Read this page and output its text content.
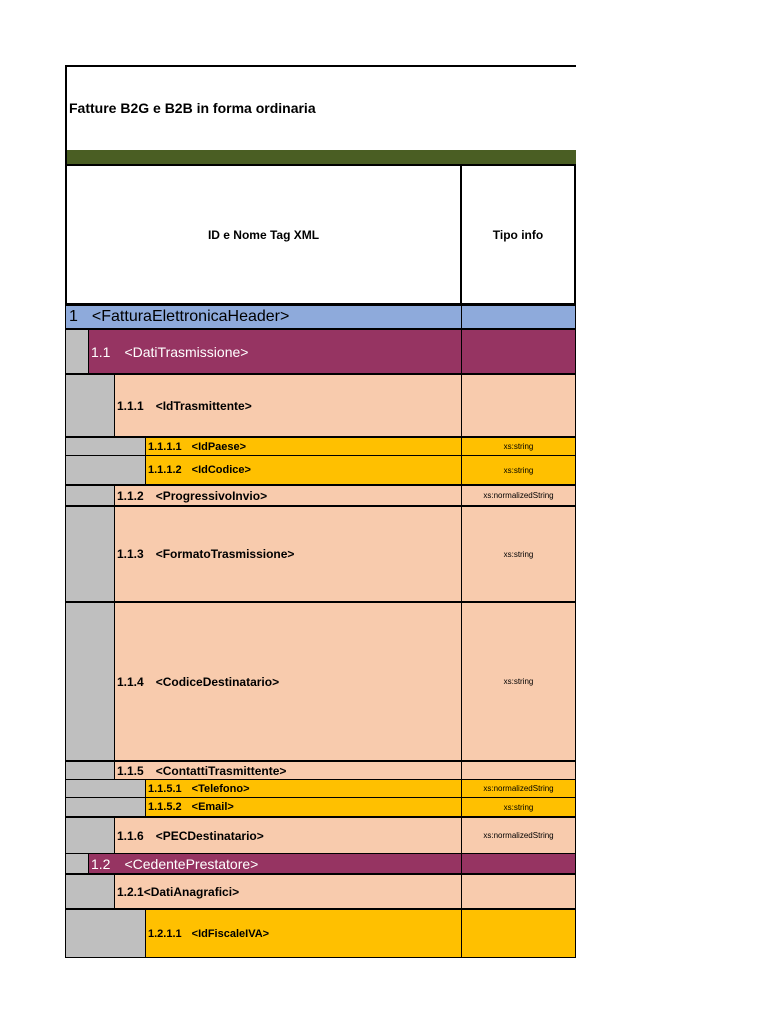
Fatture B2G e B2B in forma ordinaria
ID e Nome Tag XML	Tipo info
1 <FatturaElettronicaHeader>
1.1 <DatiTrasmissione>
1.1.1 <IdTrasmittente>
1.1.1.1 <IdPaese>	xs:string
1.1.1.2 <IdCodice>	xs:string
1.1.2 <ProgressivoInvio>	xs:normalizedString
1.1.3 <FormatoTrasmissione>	xs:string
1.1.4 <CodiceDestinatario>	xs:string
1.1.5 <ContattiTrasmittente>
1.1.5.1 <Telefono>	xs:normalizedString
1.1.5.2 <Email>	xs:string
1.1.6 <PECDestinatario>	xs:normalizedString
1.2 <CedentePrestatore>
1.2.1 <DatiAnagrafici>
1.2.1.1 <IdFiscaleIVA>
